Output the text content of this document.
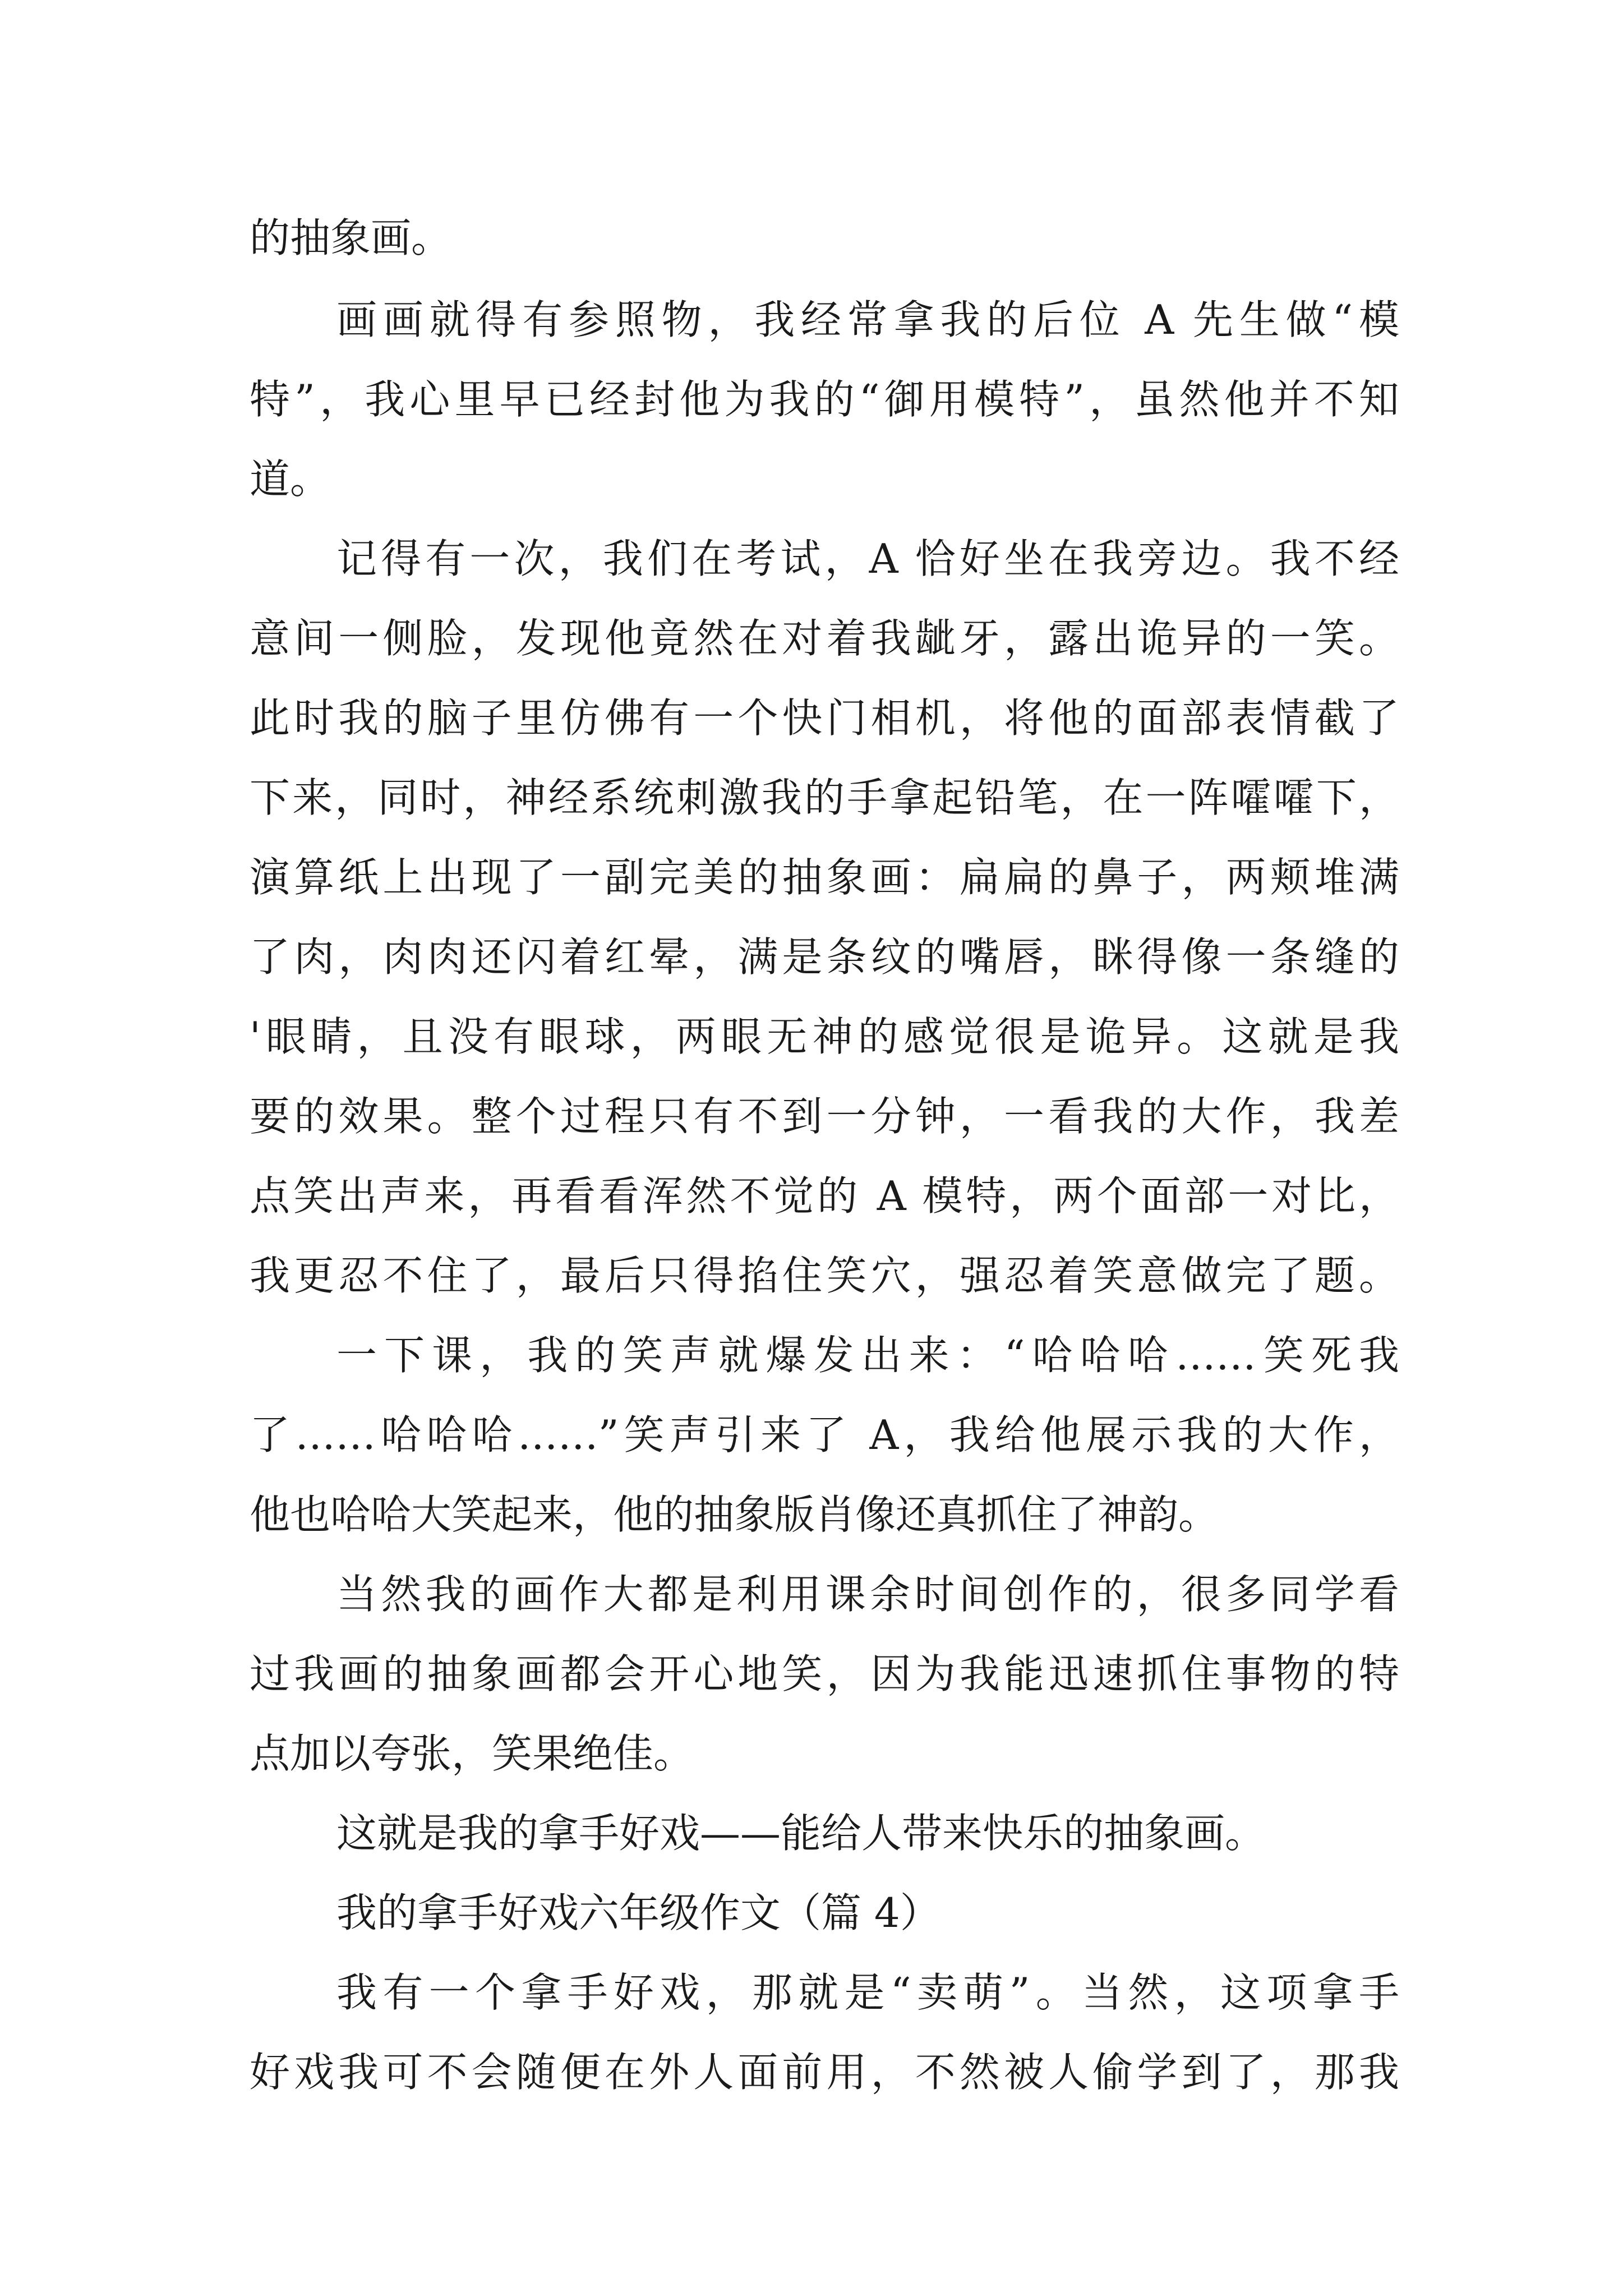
的抽象画。
画画就得有参照物，我经常拿我的后位 A 先生做“模
特”，我心里早已经封他为我的“御用模特”，虽然他并不知
道。
记得有一次，我们在考试，A 恰好坐在我旁边。我不经
意间一侧脸，发现他竟然在对着我龇牙，露出诡异的一笑。
此时我的脑子里仿佛有一个快门相机，将他的面部表情截了
下来，同时，神经系统刺激我的手拿起铅笔，在一阵嚯嚯下，
演算纸上出现了一副完美的抽象画：扁扁的鼻子，两颊堆满
了肉，肉肉还闪着红晕，满是条纹的嘴唇，眯得像一条缝的
'眼睛，且没有眼球，两眼无神的感觉很是诡异。这就是我
要的效果。整个过程只有不到一分钟，一看我的大作，我差
点笑出声来，再看看浑然不觉的 A 模特，两个面部一对比，
我更忍不住了，最后只得掐住笑穴，强忍着笑意做完了题。
一下课，我的笑声就爆发出来：“哈哈哈……笑死我
了……哈哈哈……”笑声引来了 A，我给他展示我的大作，
他也哈哈大笑起来，他的抽象版肖像还真抓住了神韵。
当然我的画作大都是利用课余时间创作的，很多同学看
过我画的抽象画都会开心地笑，因为我能迅速抓住事物的特
点加以夸张，笑果绝佳。
这就是我的拿手好戏——能给人带来快乐的抽象画。
我的拿手好戏六年级作文（篇 4）
我有一个拿手好戏，那就是“卖萌”。当然，这项拿手
好戏我可不会随便在外人面前用，不然被人偷学到了，那我
